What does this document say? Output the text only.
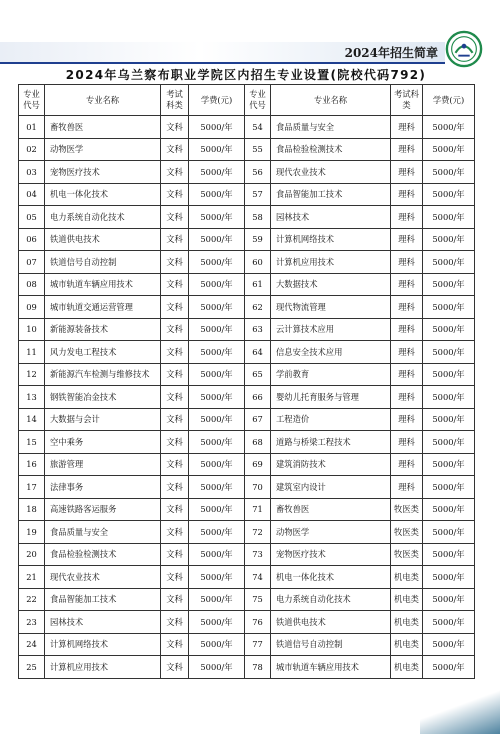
2024年招生简章
2024年乌兰察布职业学院区内招生专业设置(院校代码792)
专业代号	专业名称	考试科类	学费(元)	专业代号	专业名称	考试科类	学费(元)
01	畜牧兽医	文科	5000/年	54	食品质量与安全	理科	5000/年
02	动物医学	文科	5000/年	55	食品检验检测技术	理科	5000/年
03	宠物医疗技术	文科	5000/年	56	现代农业技术	理科	5000/年
04	机电一体化技术	文科	5000/年	57	食品智能加工技术	理科	5000/年
05	电力系统自动化技术	文科	5000/年	58	园林技术	理科	5000/年
06	铁道供电技术	文科	5000/年	59	计算机网络技术	理科	5000/年
07	铁道信号自动控制	文科	5000/年	60	计算机应用技术	理科	5000/年
08	城市轨道车辆应用技术	文科	5000/年	61	大数据技术	理科	5000/年
09	城市轨道交通运营管理	文科	5000/年	62	现代物流管理	理科	5000/年
10	新能源装备技术	文科	5000/年	63	云计算技术应用	理科	5000/年
11	风力发电工程技术	文科	5000/年	64	信息安全技术应用	理科	5000/年
12	新能源汽车检测与维修技术	文科	5000/年	65	学前教育	理科	5000/年
13	钢铁智能冶金技术	文科	5000/年	66	婴幼儿托育服务与管理	理科	5000/年
14	大数据与会计	文科	5000/年	67	工程造价	理科	5000/年
15	空中乘务	文科	5000/年	68	道路与桥梁工程技术	理科	5000/年
16	旅游管理	文科	5000/年	69	建筑消防技术	理科	5000/年
17	法律事务	文科	5000/年	70	建筑室内设计	理科	5000/年
18	高速铁路客运服务	文科	5000/年	71	畜牧兽医	牧医类	5000/年
19	食品质量与安全	文科	5000/年	72	动物医学	牧医类	5000/年
20	食品检验检测技术	文科	5000/年	73	宠物医疗技术	牧医类	5000/年
21	现代农业技术	文科	5000/年	74	机电一体化技术	机电类	5000/年
22	食品智能加工技术	文科	5000/年	75	电力系统自动化技术	机电类	5000/年
23	园林技术	文科	5000/年	76	铁道供电技术	机电类	5000/年
24	计算机网络技术	文科	5000/年	77	铁道信号自动控制	机电类	5000/年
25	计算机应用技术	文科	5000/年	78	城市轨道车辆应用技术	机电类	5000/年
